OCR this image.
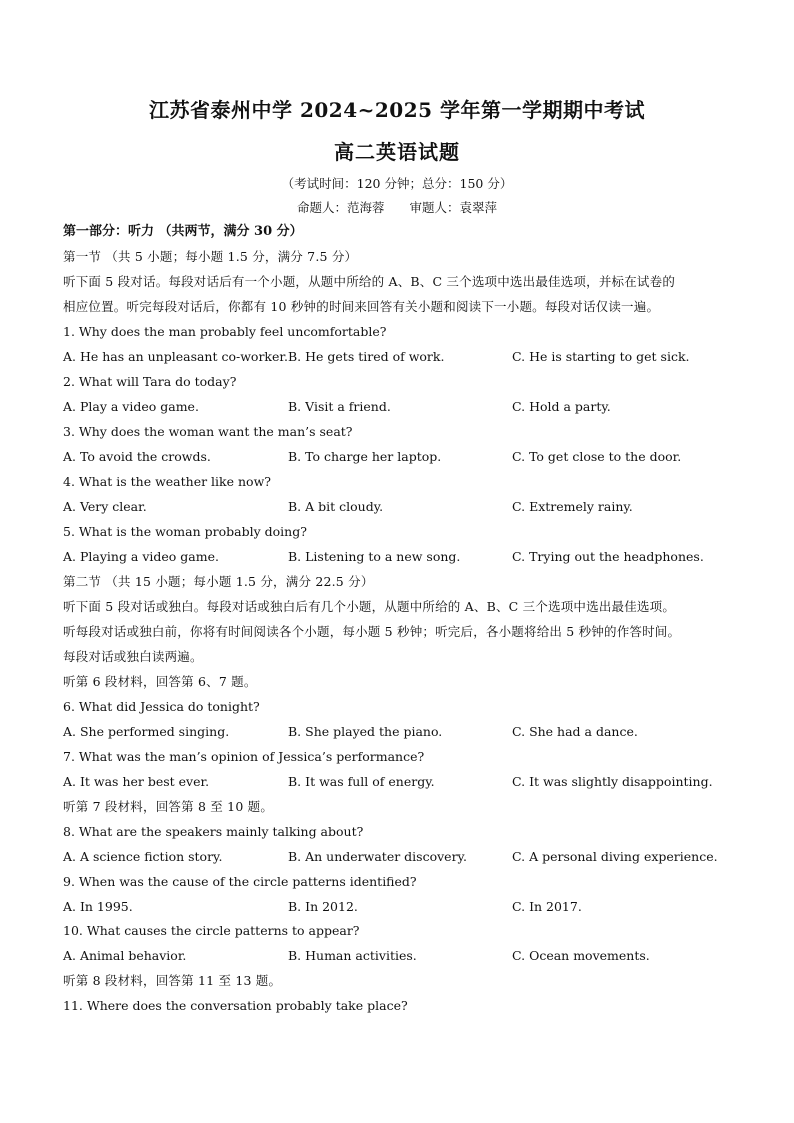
江苏省泰州中学 2024~2025 学年第一学期期中考试
高二英语试题
（考试时间：120 分钟；总分：150 分）
命题人：范海蓉　　审题人：袁翠萍
第一部分：听力 （共两节，满分 30 分）
第一节 （共 5 小题；每小题 1.5 分，满分 7.5 分）
听下面 5 段对话。每段对话后有一个小题，从题中所给的 A、B、C 三个选项中选出最佳选项，并标在试卷的
相应位置。听完每段对话后，你都有 10 秒钟的时间来回答有关小题和阅读下一小题。每段对话仅读一遍。
1. Why does the man probably feel uncomfortable?
A. He has an unpleasant co-worker. B. He gets tired of work.	C. He is starting to get sick.
2. What will Tara do today?
A. Play a video game.	B. Visit a friend.	C. Hold a party.
3. Why does the woman want the man’s seat?
A. To avoid the crowds.	B. To charge her laptop.	C. To get close to the door.
4. What is the weather like now?
A. Very clear.	B. A bit cloudy.	C. Extremely rainy.
5. What is the woman probably doing?
A. Playing a video game.	B. Listening to a new song.	C. Trying out the headphones.
第二节 （共 15 小题；每小题 1.5 分，满分 22.5 分）
听下面 5 段对话或独白。每段对话或独白后有几个小题，从题中所给的 A、B、C 三个选项中选出最佳选项。
听每段对话或独白前，你将有时间阅读各个小题，每小题 5 秒钟；听完后，各小题将给出 5 秒钟的作答时间。
每段对话或独白读两遍。
听第 6 段材料，回答第 6、7 题。
6. What did Jessica do tonight?
A. She performed singing.	B. She played the piano.	C. She had a dance.
7. What was the man’s opinion of Jessica’s performance?
A. It was her best ever.	B. It was full of energy.	C. It was slightly disappointing.
听第 7 段材料，回答第 8 至 10 题。
8. What are the speakers mainly talking about?
A. A science fiction story.	B. An underwater discovery.	C. A personal diving experience.
9. When was the cause of the circle patterns identified?
A. In 1995.	B. In 2012.	C. In 2017.
10. What causes the circle patterns to appear?
A. Animal behavior.	B. Human activities.	C. Ocean movements.
听第 8 段材料，回答第 11 至 13 题。
11. Where does the conversation probably take place?
